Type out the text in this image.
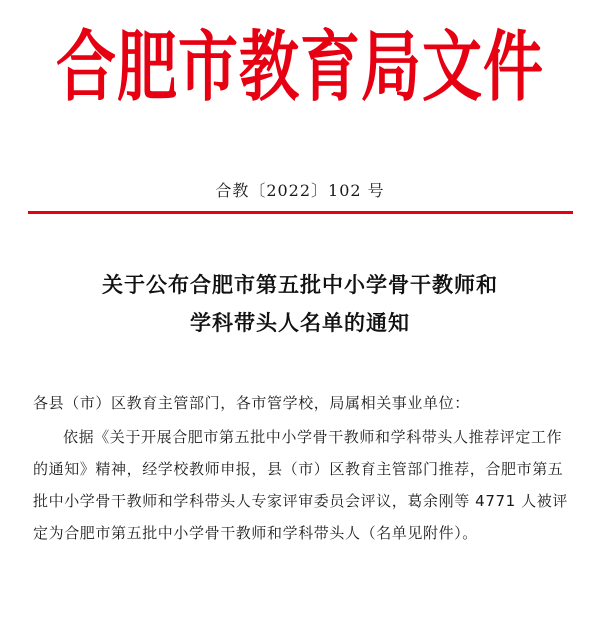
合肥市教育局文件
合教〔2022〕102 号
关于公布合肥市第五批中小学骨干教师和
学科带头人名单的通知

各县（市）区教育主管部门，各市管学校，局属相关事业单位：

依据《关于开展合肥市第五批中小学骨干教师和学科带头人推荐评定工作的通知》精神，经学校教师申报，县（市）区教育主管部门推荐，合肥市第五批中小学骨干教师和学科带头人专家评审委员会评议，葛余刚等 4771 人被评定为合肥市第五批中小学骨干教师和学科带头人（名单见附件）。
